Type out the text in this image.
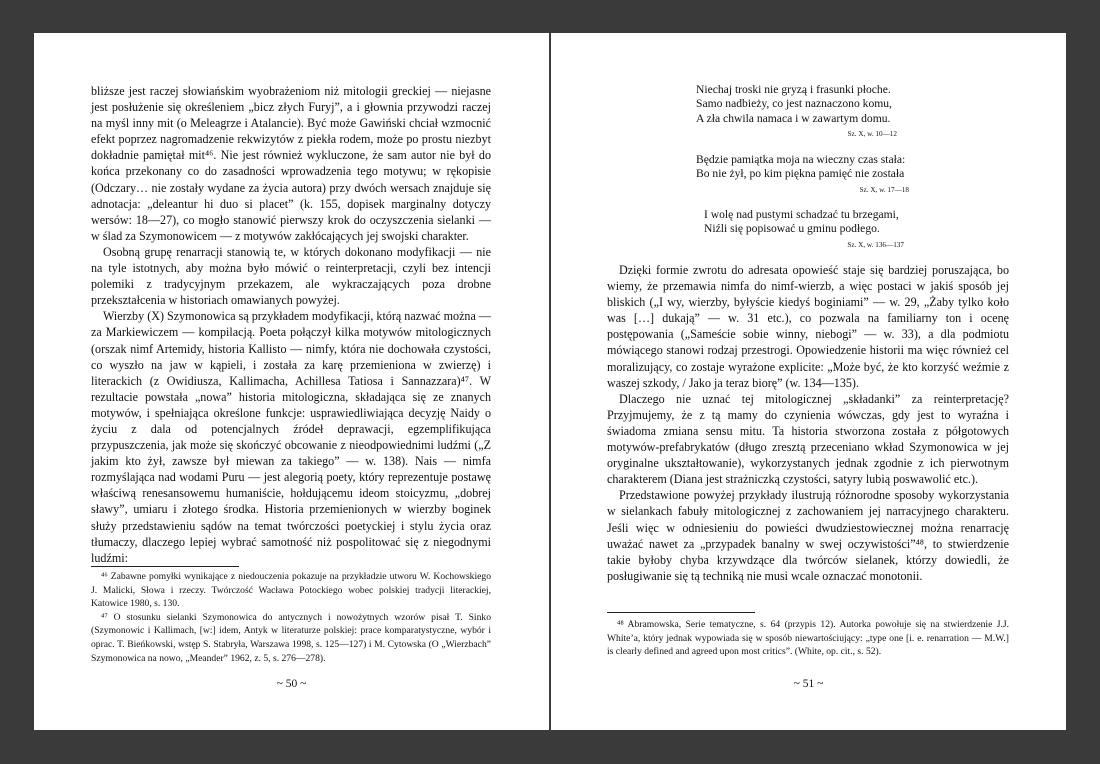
bliższe jest raczej słowiańskim wyobrażeniom niż mitologii greckiej — niejasne jest posłużenie się określeniem „bicz złych Furyj”, a i głownia przywodzi raczej na myśl inny mit (o Meleagrze i Atalancie). Być może Gawiński chciał wzmocnić efekt poprzez nagromadzenie rekwizytów z piekła rodem, może po prostu niezbyt dokładnie pamiętał mit⁴⁶. Nie jest również wykluczone, że sam autor nie był do końca przekonany co do zasadności wprowadzenia tego motywu; w rękopisie (Odczary… nie zostały wydane za życia autora) przy dwóch wersach znajduje się adnotacja: „deleantur hi duo si placet” (k. 155, dopisek marginalny dotyczy wersów: 18—27), co mogło stanowić pierwszy krok do oczyszczenia sielanki — w ślad za Szymonowicem — z motywów zakłócających jej swojski charakter.

Osobną grupę renarracji stanowią te, w których dokonano modyfikacji — nie na tyle istotnych, aby można było mówić o reinterpretacji, czyli bez intencji polemiki z tradycyjnym przekazem, ale wykraczających poza drobne przekształcenia w historiach omawianych powyżej.

Wierzby (X) Szymonowica są przykładem modyfikacji, którą nazwać można — za Markiewiczem — kompilacją. Poeta połączył kilka motywów mitologicznych (orszak nimf Artemidy, historia Kallisto — nimfy, która nie dochowała czystości, co wyszło na jaw w kąpieli, i została za karę przemieniona w zwierzę) i literackich (z Owidiusza, Kallimacha, Achillesa Tatiosa i Sannazzara)⁴⁷. W rezultacie powstała „nowa” historia mitologiczna, składająca się ze znanych motywów, i spełniająca określone funkcje: usprawiedliwiająca decyzję Naidy o życiu z dala od potencjalnych źródeł deprawacji, egzemplifikująca przypuszczenia, jak może się skończyć obcowanie z nieodpowiednimi ludźmi („Z jakim kto żył, zawsze był miewan za takiego” — w. 138). Nais — nimfa rozmyślająca nad wodami Puru — jest alegorią poety, który reprezentuje postawę właściwą renesansowemu humaniście, hołdującemu ideom stoicyzmu, „dobrej sławy”, umiaru i złotego środka. Historia przemienionych w wierzby boginek służy przedstawieniu sądów na temat twórczości poetyckiej i stylu życia oraz tłumaczy, dlaczego lepiej wybrać samotność niż pospolitować się z niegodnymi ludźmi:

⁴⁶ Zabawne pomyłki wynikające z niedouczenia pokazuje na przykładzie utworu W. Kochowskiego J. Malicki, Słowa i rzeczy. Twórczość Wacława Potockiego wobec polskiej tradycji literackiej, Katowice 1980, s. 130.

⁴⁷ O stosunku sielanki Szymonowica do antycznych i nowożytnych wzorów pisał T. Sinko (Szymonowic i Kallimach, [w:] idem, Antyk w literaturze polskiej: prace komparatystyczne, wybór i oprac. T. Bieńkowski, wstęp S. Stabryła, Warszawa 1998, s. 125—127) i M. Cytowska (O „Wierzbach” Szymonowica na nowo, „Meander” 1962, z. 5, s. 276—278).

~ 50 ~
Niechaj troski nie gryzą i frasunki płoche.
Samo nadbieży, co jest naznaczono komu,
A zła chwila namaca i w zawartym domu.
Sz. X, w. 10—12
Będzie pamiątka moja na wieczny czas stała:
Bo nie żył, po kim piękna pamięć nie została
Sz. X, w. 17—18
I wolę nad pustymi schadzać tu brzegami,
Niźli się popisować u gminu podłego.
Sz. X, w. 136—137

Dzięki formie zwrotu do adresata opowieść staje się bardziej poruszająca, bo wiemy, że przemawia nimfa do nimf-wierzb, a więc postaci w jakiś sposób jej bliskich („I wy, wierzby, byłyście kiedyś boginiami” — w. 29, „Żaby tylko koło was […] dukają” — w. 31 etc.), co pozwala na familiarny ton i ocenę postępowania („Sameście sobie winny, niebogi” — w. 33), a dla podmiotu mówiącego stanowi rodzaj przestrogi. Opowiedzenie historii ma więc również cel moralizujący, co zostaje wyrażone explicite: „Może być, że kto korzyść weźmie z waszej szkody, / Jako ja teraz biorę” (w. 134—135).

Dlaczego nie uznać tej mitologicznej „składanki” za reinterpretację? Przyjmujemy, że z tą mamy do czynienia wówczas, gdy jest to wyraźna i świadoma zmiana sensu mitu. Ta historia stworzona została z półgotowych motywów-prefabrykatów (długo zresztą przeceniano wkład Szymonowica w jej oryginalne ukształtowanie), wykorzystanych jednak zgodnie z ich pierwotnym charakterem (Diana jest strażniczką czystości, satyry lubią poswawolić etc.).

Przedstawione powyżej przykłady ilustrują różnorodne sposoby wykorzystania w sielankach fabuły mitologicznej z zachowaniem jej narracyjnego charakteru. Jeśli więc w odniesieniu do powieści dwudziestowiecznej można renarrację uważać nawet za „przypadek banalny w swej oczywistości”⁴⁸, to stwierdzenie takie byłoby chyba krzywdzące dla twórców sielanek, którzy dowiedli, że posługiwanie się tą techniką nie musi wcale oznaczać monotonii.

⁴⁸ Abramowska, Serie tematyczne, s. 64 (przypis 12). Autorka powołuje się na stwierdzenie J.J. White’a, który jednak wypowiada się w sposób niewartościujący: „type one [i. e. renarration — M.W.] is clearly defined and agreed upon most critics”. (White, op. cit., s. 52).

~ 51 ~
